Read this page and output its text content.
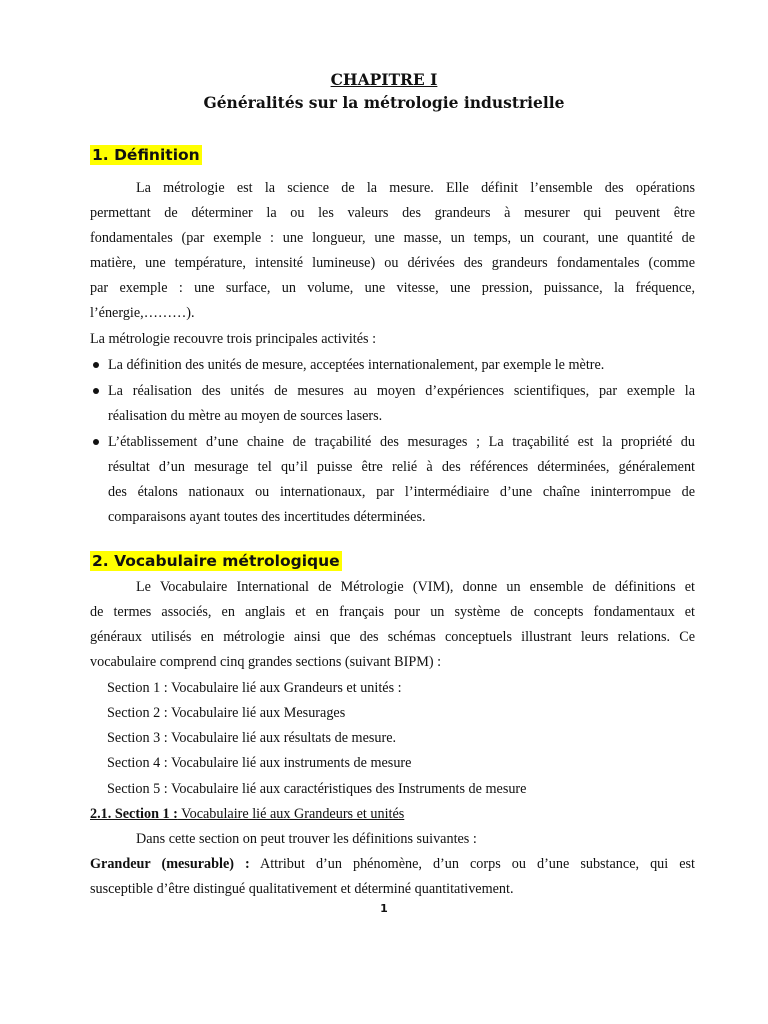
CHAPITRE I
Généralités sur la métrologie industrielle
1. Définition
La métrologie est la science de la mesure. Elle définit l’ensemble des opérations
permettant de déterminer la ou les valeurs des grandeurs à mesurer qui peuvent être
fondamentales (par exemple : une longueur, une masse, un temps, un courant, une quantité de
matière, une température, intensité lumineuse) ou dérivées des grandeurs fondamentales (comme
par exemple : une surface, un volume, une vitesse, une pression, puissance, la fréquence,
l’énergie,………).
La métrologie recouvre trois principales activités :
La définition des unités de mesure, acceptées internationalement, par exemple le mètre.
La réalisation des unités de mesures au moyen d’expériences scientifiques, par exemple la
réalisation du mètre au moyen de sources lasers.
L’établissement d’une chaine de traçabilité des mesurages ; La traçabilité est la propriété du
résultat d’un mesurage tel qu’il puisse être relié à des références déterminées, généralement
des étalons nationaux ou internationaux, par l’intermédiaire d’une chaîne ininterrompue de
comparaisons ayant toutes des incertitudes déterminées.
2. Vocabulaire métrologique
Le Vocabulaire International de Métrologie (VIM), donne un ensemble de définitions et
de termes associés, en anglais et en français pour un système de concepts fondamentaux et
généraux utilisés en métrologie ainsi que des schémas conceptuels illustrant leurs relations. Ce
vocabulaire comprend cinq grandes sections (suivant BIPM) :
Section 1 : Vocabulaire lié aux Grandeurs et unités :
Section 2 : Vocabulaire lié aux Mesurages
Section 3 : Vocabulaire lié aux résultats de mesure.
Section 4 : Vocabulaire lié aux instruments de mesure
Section 5 : Vocabulaire lié aux caractéristiques des Instruments de mesure
2.1. Section 1 : Vocabulaire lié aux Grandeurs et unités
Dans cette section on peut trouver les définitions suivantes :
Grandeur (mesurable) : Attribut d’un phénomène, d’un corps ou d’une substance, qui est
susceptible d’être distingué qualitativement et déterminé quantitativement.
1
